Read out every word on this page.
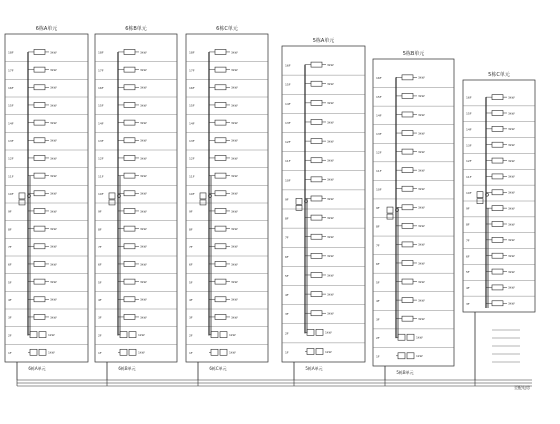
6栋A单元
18F	3kW
17F	3kW
16F	3kW
15F	3kW
14F	3kW
13F	3kW
12F	3kW
11F	3kW
10F	3kW
9F	3kW
8F	3kW
7F	3kW
6F	3kW
5F	3kW
4F	3kW
3F	3kW
2F	1kW
1F	1kW
6栋A单元
6栋B单元
18F	3kW
17F	3kW
16F	3kW
15F	3kW
14F	3kW
13F	3kW
12F	3kW
11F	3kW
10F	3kW
9F	3kW
8F	3kW
7F	3kW
6F	3kW
5F	3kW
4F	3kW
3F	3kW
2F	1kW
1F	1kW
6栋B单元
6栋C单元
18F	3kW
17F	3kW
16F	3kW
15F	3kW
14F	3kW
13F	3kW
12F	3kW
11F	3kW
10F	3kW
9F	3kW
8F	3kW
7F	3kW
6F	3kW
5F	3kW
4F	3kW
3F	3kW
2F	1kW
1F	1kW
6栋C单元
5栋A单元
16F	3kW
15F	3kW
14F	3kW
13F	3kW
12F	3kW
11F	3kW
10F	3kW
9F	3kW
8F	3kW
7F	3kW
6F	3kW
5F	3kW
4F	3kW
3F	3kW
2F	1kW
1F	1kW
5栋A单元
5栋B单元
16F	3kW
15F	3kW
14F	3kW
13F	3kW
12F	3kW
11F	3kW
10F	3kW
9F	3kW
8F	3kW
7F	3kW
6F	3kW
5F	3kW
4F	3kW
3F	3kW
2F	1kW
1F	1kW
5栋B单元
5栋C单元
16F	3kW
15F	3kW
14F	3kW
13F	3kW
12F	3kW
11F	3kW
10F	3kW
9F	3kW
8F	3kW
7F	3kW
6F	3kW
5F	3kW
4F	3kW
3F	3kW
至配电房
